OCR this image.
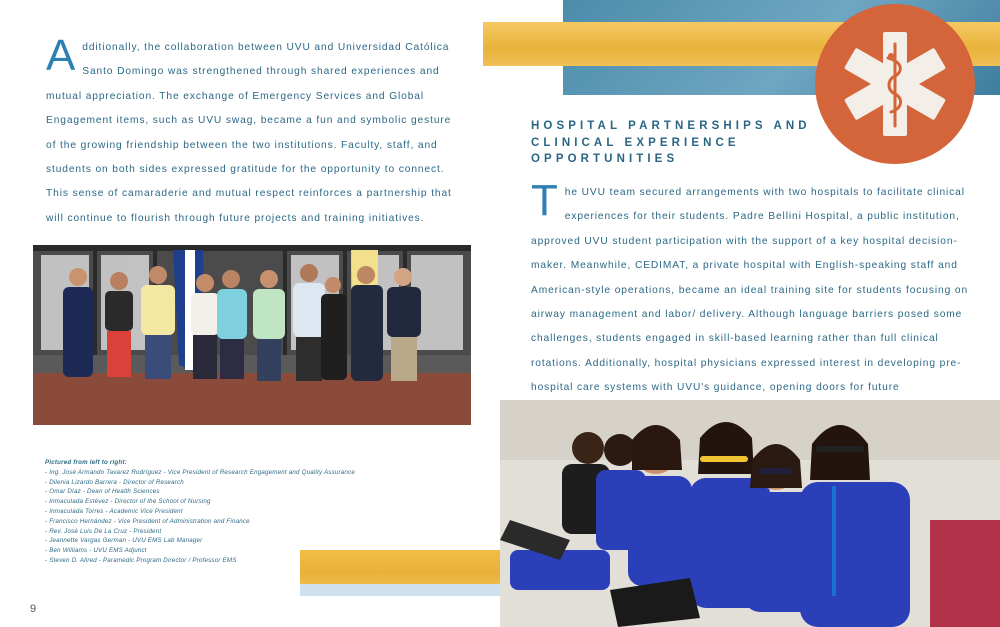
Additionally, the collaboration between UVU and Universidad Católica Santo Domingo was strengthened through shared experiences and mutual appreciation. The exchange of Emergency Services and Global Engagement items, such as UVU swag, became a fun and symbolic gesture of the growing friendship between the two institutions. Faculty, staff, and students on both sides expressed gratitude for the opportunity to connect. This sense of camaraderie and mutual respect reinforces a partnership that will continue to flourish through future projects and training initiatives.
Pictured from left to right:
- Ing. José Armando Tavarez Rodríguez - Vice President of Research Engagement and Quality Assurance
- Dilenia Lizardo Barrera - Director of Research
- Omar Díaz - Dean of Health Sciences
- Inmaculada Estévez - Director of the School of Nursing
- Inmaculada Torres - Academic Vice President
- Francisco Hernández - Vice President of Administration and Finance
- Rev. José Luis De La Cruz - President
- Jeannette Vargas German - UVU EMS Lab Manager
- Ben Williams - UVU EMS Adjunct
- Steven D. Allred - Paramedic Program Director / Professor EMS
9
HOSPITAL PARTNERSHIPS AND CLINICAL EXPERIENCE OPPORTUNITIES
The UVU team secured arrangements with two hospitals to facilitate clinical experiences for their students. Padre Bellini Hospital, a public institution, approved UVU student participation with the support of a key hospital decision-maker. Meanwhile, CEDIMAT, a private hospital with English-speaking staff and American-style operations, became an ideal training site for students focusing on airway management and labor/ delivery. Although language barriers posed some challenges, students engaged in skill-based learning rather than full clinical rotations. Additionally, hospital physicians expressed interest in developing pre-hospital care systems with UVU's guidance, opening doors for future
